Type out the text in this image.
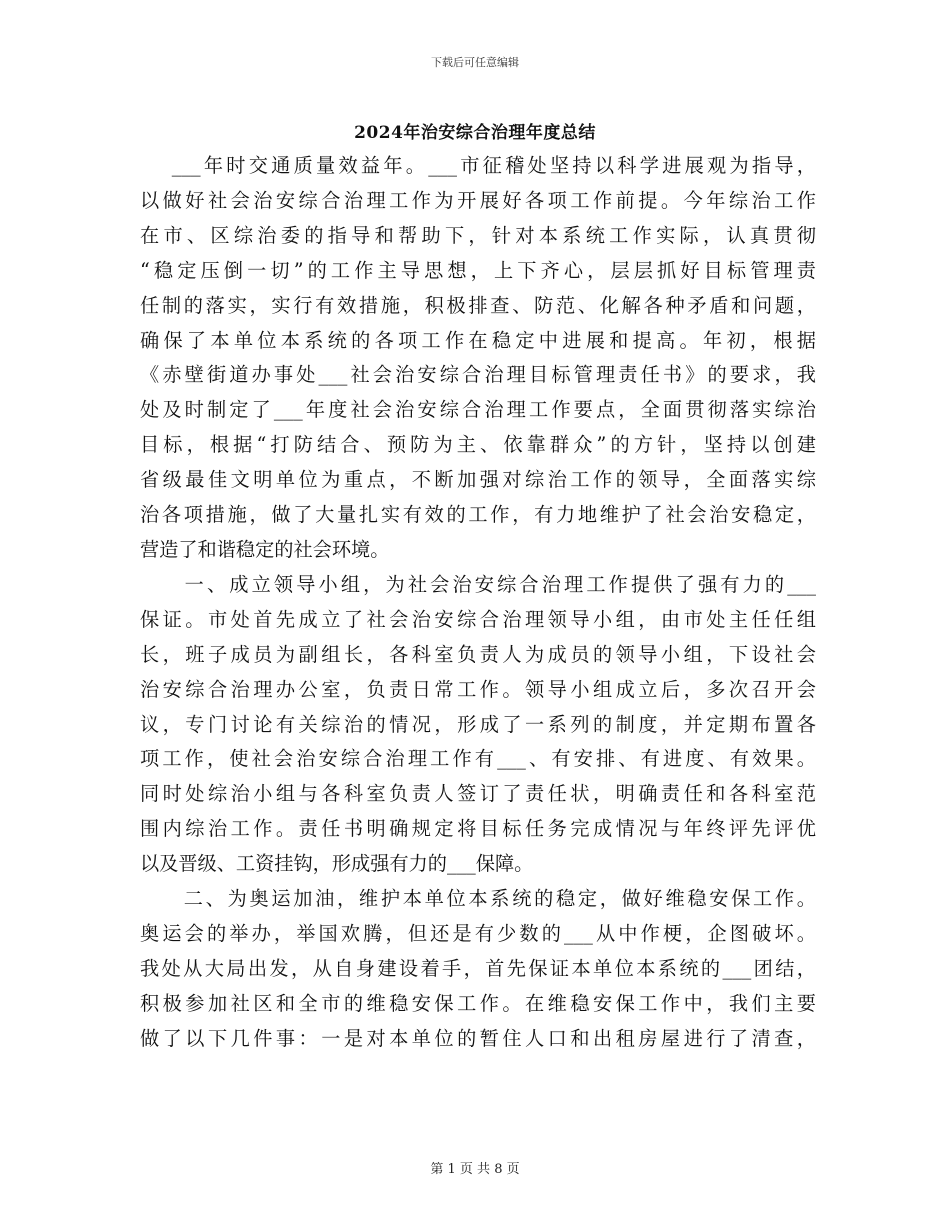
下载后可任意编辑
2024年治安综合治理年度总结

　 ___年时交通质量效益年。___市征稽处坚持以科学进展观为指导，
以做好社会治安综合治理工作为开展好各项工作前提。今年综治工作
在市、区综治委的指导和帮助下，针对本系统工作实际，认真贯彻
“稳定压倒一切”的工作主导思想，上下齐心，层层抓好目标管理责
任制的落实，实行有效措施，积极排查、防范、化解各种矛盾和问题，
确保了本单位本系统的各项工作在稳定中进展和提高。年初，根据
《赤壁街道办事处___社会治安综合治理目标管理责任书》的要求，我
处及时制定了___年度社会治安综合治理工作要点，全面贯彻落实综治
目标，根据“打防结合、预防为主、依靠群众”的方针，坚持以创建
省级最佳文明单位为重点，不断加强对综治工作的领导，全面落实综
治各项措施，做了大量扎实有效的工作，有力地维护了社会治安稳定，
营造了和谐稳定的社会环境。

　　一、成立领导小组，为社会治安综合治理工作提供了强有力的___
保证。市处首先成立了社会治安综合治理领导小组，由市处主任任组
长，班子成员为副组长，各科室负责人为成员的领导小组，下设社会
治安综合治理办公室，负责日常工作。领导小组成立后，多次召开会
议，专门讨论有关综治的情况，形成了一系列的制度，并定期布置各
项工作，使社会治安综合治理工作有___、有安排、有进度、有效果。
同时处综治小组与各科室负责人签订了责任状，明确责任和各科室范
围内综治工作。责任书明确规定将目标任务完成情况与年终评先评优
以及晋级、工资挂钩，形成强有力的___保障。

　　二、为奥运加油，维护本单位本系统的稳定，做好维稳安保工作。
奥运会的举办，举国欢腾，但还是有少数的___从中作梗，企图破坏。
我处从大局出发，从自身建设着手，首先保证本单位本系统的___团结，
积极参加社区和全市的维稳安保工作。在维稳安保工作中，我们主要
做了以下几件事：一是对本单位的暂住人口和出租房屋进行了清查，

第 1 页 共 8 页
